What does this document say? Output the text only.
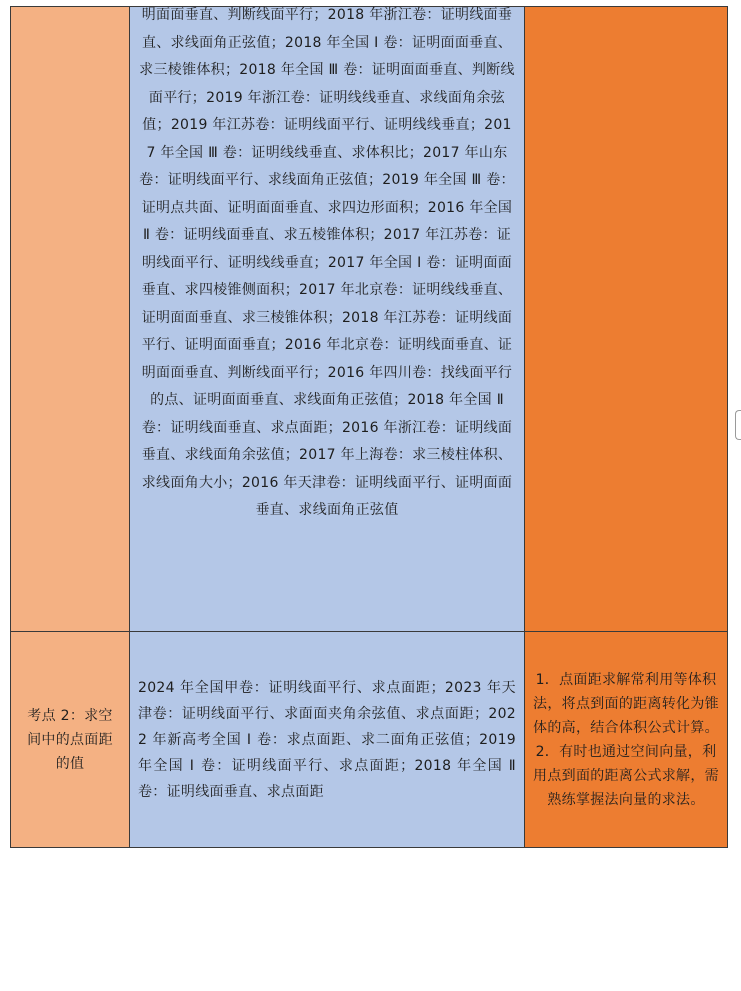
	明面面垂直、判断线面平行；2018 年浙江卷：证明线面垂直、求线面角正弦值；2018 年全国 Ⅰ 卷：证明面面垂直、求三棱锥体积；2018 年全国 Ⅲ 卷：证明面面垂直、判断线面平行；2019 年浙江卷：证明线线垂直、求线面角余弦值；2019 年江苏卷：证明线面平行、证明线线垂直；2017 年全国 Ⅲ 卷：证明线线垂直、求体积比；2017 年山东卷：证明线面平行、求线面角正弦值；2019 年全国 Ⅲ 卷：证明点共面、证明面面垂直、求四边形面积；2016 年全国 Ⅱ 卷：证明线面垂直、求五棱锥体积；2017 年江苏卷：证明线面平行、证明线线垂直；2017 年全国 Ⅰ 卷：证明面面垂直、求四棱锥侧面积；2017 年北京卷：证明线线垂直、证明面面垂直、求三棱锥体积；2018 年江苏卷：证明线面平行、证明面面垂直；2016 年北京卷：证明线面垂直、证明面面垂直、判断线面平行；2016 年四川卷：找线面平行的点、证明面面垂直、求线面角正弦值；2018 年全国 Ⅱ 卷：证明线面垂直、求点面距；2016 年浙江卷：证明线面垂直、求线面角余弦值；2017 年上海卷：求三棱柱体积、求线面角大小；2016 年天津卷：证明线面平行、证明面面垂直、求线面角正弦值	

考点 2：求空间中的点面距的值	2024 年全国甲卷：证明线面平行、求点面距；2023 年天津卷：证明线面平行、求面面夹角余弦值、求点面距；2022 年新高考全国 Ⅰ 卷：求点面距、求二面角正弦值；2019 年全国 Ⅰ 卷：证明线面平行、求点面距；2018 年全国 Ⅱ 卷：证明线面垂直、求点面距	1．点面距求解常利用等体积法，将点到面的距离转化为锥体的高，结合体积公式计算。2．有时也通过空间向量，利用点到面的距离公式求解，需熟练掌握法向量的求法。
